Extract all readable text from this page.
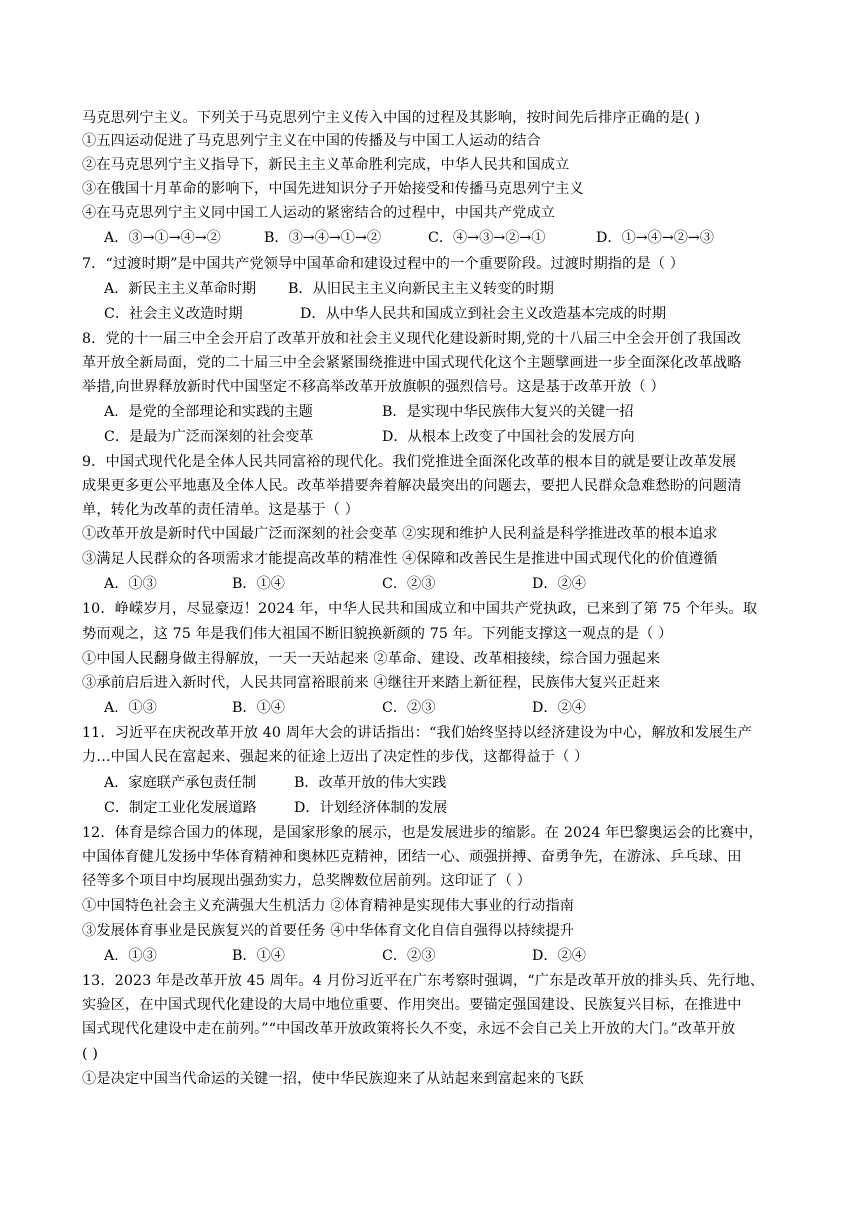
马克思列宁主义。下列关于马克思列宁主义传入中国的过程及其影响，按时间先后排序正确的是( )
①五四运动促进了马克思列宁主义在中国的传播及与中国工人运动的结合
②在马克思列宁主义指导下，新民主主义革命胜利完成，中华人民共和国成立
③在俄国十月革命的影响下，中国先进知识分子开始接受和传播马克思列宁主义
④在马克思列宁主义同中国工人运动的紧密结合的过程中，中国共产党成立
A．③→①→④→②	B．③→④→①→②	C．④→③→②→①	D．①→④→②→③
7．“过渡时期”是中国共产党领导中国革命和建设过程中的一个重要阶段。过渡时期指的是（ ）
A．新民主主义革命时期 B．从旧民主主义向新民主主义转变的时期
C．社会主义改造时期	D．从中华人民共和国成立到社会主义改造基本完成的时期
8．党的十一届三中全会开启了改革开放和社会主义现代化建设新时期,党的十八届三中全会开创了我国改
革开放全新局面，党的二十届三中全会紧紧围绕推进中国式现代化这个主题擘画进一步全面深化改革战略
举措,向世界释放新时代中国坚定不移高举改革开放旗帜的强烈信号。这是基于改革开放（ ）
A．是党的全部理论和实践的主题	B．是实现中华民族伟大复兴的关键一招
C．是最为广泛而深刻的社会变革	D．从根本上改变了中国社会的发展方向
9．中国式现代化是全体人民共同富裕的现代化。我们党推进全面深化改革的根本目的就是要让改革发展
成果更多更公平地惠及全体人民。改革举措要奔着解决最突出的问题去，要把人民群众急难愁盼的问题清
单，转化为改革的责任清单。这是基于（ ）
①改革开放是新时代中国最广泛而深刻的社会变革 ②实现和维护人民利益是科学推进改革的根本追求
③满足人民群众的各项需求才能提高改革的精准性 ④保障和改善民生是推进中国式现代化的价值遵循
A．①③	B．①④	C．②③	D．②④
10．峥嵘岁月，尽显豪迈！2024 年，中华人民共和国成立和中国共产党执政，已来到了第 75 个年头。取
势而观之，这 75 年是我们伟大祖国不断旧貌换新颜的 75 年。下列能支撑这一观点的是（ ）
①中国人民翻身做主得解放，一天一天站起来 ②革命、建设、改革相接续，综合国力强起来
③承前启后进入新时代，人民共同富裕眼前来 ④继往开来踏上新征程，民族伟大复兴正赶来
A．①③	B．①④	C．②③	D．②④
11．习近平在庆祝改革开放 40 周年大会的讲话指出：“我们始终坚持以经济建设为中心，解放和发展生产
力…中国人民在富起来、强起来的征途上迈出了决定性的步伐，这都得益于（ ）
A．家庭联产承包责任制	B．改革开放的伟大实践
C．制定工业化发展道路	D．计划经济体制的发展
12．体育是综合国力的体现，是国家形象的展示，也是发展进步的缩影。在 2024 年巴黎奥运会的比赛中，
中国体育健儿发扬中华体育精神和奥林匹克精神，团结一心、顽强拼搏、奋勇争先，在游泳、乒乓球、田
径等多个项目中均展现出强劲实力，总奖牌数位居前列。这印证了（ ）
①中国特色社会主义充满强大生机活力 ②体育精神是实现伟大事业的行动指南
③发展体育事业是民族复兴的首要任务 ④中华体育文化自信自强得以持续提升
A．①③	B．①④	C．②③	D．②④
13．2023 年是改革开放 45 周年。4 月份习近平在广东考察时强调，“广东是改革开放的排头兵、先行地、
实验区，在中国式现代化建设的大局中地位重要、作用突出。要锚定强国建设、民族复兴目标，在推进中
国式现代化建设中走在前列。”“中国改革开放政策将长久不变，永远不会自己关上开放的大门。”改革开放
( )
①是决定中国当代命运的关键一招，使中华民族迎来了从站起来到富起来的飞跃
